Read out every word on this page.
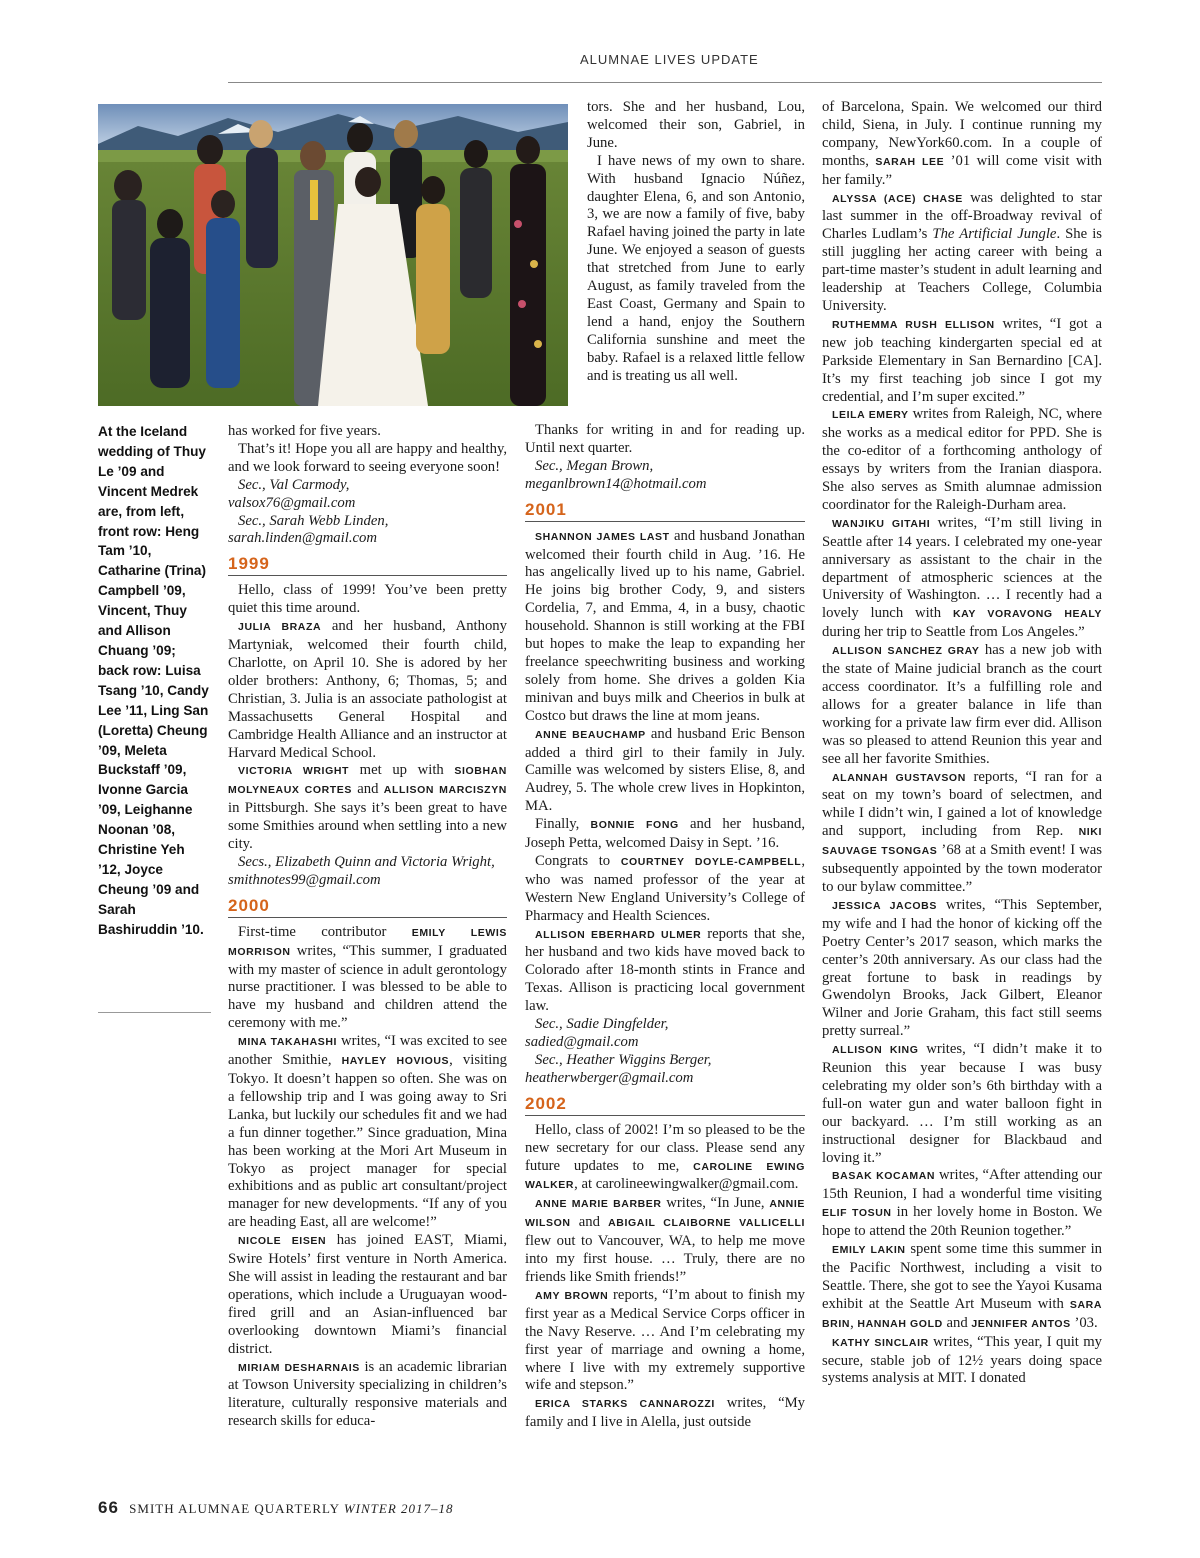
ALUMNAE LIVES UPDATE
At the Iceland wedding of Thuy Le ’09 and Vincent Medrek are, from left, front row: Heng Tam ’10, Catharine (Trina) Campbell ’09, Vincent, Thuy and Allison Chuang ’09; back row: Luisa Tsang ’10, Candy Lee ’11, Ling San (Loretta) Cheung ’09, Meleta Buckstaff ’09, Ivonne Garcia ’09, Leighanne Noonan ’08, Christine Yeh ’12, Joyce Cheung ’09 and Sarah Bashiruddin ’10.

has worked for five years.

That’s it! Hope you all are happy and healthy, and we look forward to seeing everyone soon!

Sec., Val Carmody,

valsox76@gmail.com

Sec., Sarah Webb Linden,

sarah.linden@gmail.com

1999

Hello, class of 1999! You’ve been pretty quiet this time around.

JULIA BRAZA and her husband, Anthony Martyniak, welcomed their fourth child, Charlotte, on April 10. She is adored by her older brothers: Anthony, 6; Thomas, 5; and Christian, 3. Julia is an associate pathologist at Massachusetts General Hospital and Cambridge Health Alliance and an instructor at Harvard Medical School.

VICTORIA WRIGHT met up with SIOBHAN MOLYNEAUX CORTES and ALLISON MARCISZYN in Pittsburgh. She says it’s been great to have some Smithies around when settling into a new city.

Secs., Elizabeth Quinn and Victoria Wright, smithnotes99@gmail.com

2000

First-time contributor EMILY LEWIS MORRISON writes, “This summer, I graduated with my master of science in adult gerontology nurse practitioner. I was blessed to be able to have my husband and children attend the ceremony with me.”

MINA TAKAHASHI writes, “I was excited to see another Smithie, HAYLEY HOVIOUS, visiting Tokyo. It doesn’t happen so often. She was on a fellowship trip and I was going away to Sri Lanka, but luckily our schedules fit and we had a fun dinner together.” Since graduation, Mina has been working at the Mori Art Museum in Tokyo as project manager for special exhibitions and as public art consultant/project manager for new developments. “If any of you are heading East, all are welcome!”

NICOLE EISEN has joined EAST, Miami, Swire Hotels’ first venture in North America. She will assist in leading the restaurant and bar operations, which include a Uruguayan wood-fired grill and an Asian-influenced bar overlooking downtown Miami’s financial district.

MIRIAM DESHARNAIS is an academic librarian at Towson University specializing in children’s literature, culturally responsive materials and research skills for educa-

tors. She and her husband, Lou, welcomed their son, Gabriel, in June.

I have news of my own to share. With husband Ignacio Núñez, daughter Elena, 6, and son Antonio, 3, we are now a family of five, baby Rafael having joined the party in late June. We enjoyed a season of guests that stretched from June to early August, as family traveled from the East Coast, Germany and Spain to lend a hand, enjoy the Southern California sunshine and meet the baby. Rafael is a relaxed little fellow and is treating us all well.

Thanks for writing in and for reading up. Until next quarter.

Sec., Megan Brown,

meganlbrown14@hotmail.com

2001

SHANNON JAMES LAST and husband Jonathan welcomed their fourth child in Aug. ’16. He has angelically lived up to his name, Gabriel. He joins big brother Cody, 9, and sisters Cordelia, 7, and Emma, 4, in a busy, chaotic household. Shannon is still working at the FBI but hopes to make the leap to expanding her freelance speechwriting business and working solely from home. She drives a golden Kia minivan and buys milk and Cheerios in bulk at Costco but draws the line at mom jeans.

ANNE BEAUCHAMP and husband Eric Benson added a third girl to their family in July. Camille was welcomed by sisters Elise, 8, and Audrey, 5. The whole crew lives in Hopkinton, MA.

Finally, BONNIE FONG and her husband, Joseph Petta, welcomed Daisy in Sept. ’16.

Congrats to COURTNEY DOYLE-CAMPBELL, who was named professor of the year at Western New England University’s College of Pharmacy and Health Sciences.

ALLISON EBERHARD ULMER reports that she, her husband and two kids have moved back to Colorado after 18-month stints in France and Texas. Allison is practicing local government law.

Sec., Sadie Dingfelder,

sadied@gmail.com

Sec., Heather Wiggins Berger,

heatherwberger@gmail.com

2002

Hello, class of 2002! I’m so pleased to be the new secretary for our class. Please send any future updates to me, CAROLINE EWING WALKER, at carolineewingwalker@gmail.com.

ANNE MARIE BARBER writes, “In June, ANNIE WILSON and ABIGAIL CLAIBORNE VALLICELLI flew out to Vancouver, WA, to help me move into my first house. … Truly, there are no friends like Smith friends!”

AMY BROWN reports, “I’m about to finish my first year as a Medical Service Corps officer in the Navy Reserve. … And I’m celebrating my first year of marriage and owning a home, where I live with my extremely supportive wife and stepson.”

ERICA STARKS CANNAROZZI writes, “My family and I live in Alella, just outside

of Barcelona, Spain. We welcomed our third child, Siena, in July. I continue running my company, NewYork60.com. In a couple of months, SARAH LEE ’01 will come visit with her family.”

ALYSSA (ACE) CHASE was delighted to star last summer in the off-Broadway revival of Charles Ludlam’s The Artificial Jungle. She is still juggling her acting career with being a part-time master’s student in adult learning and leadership at Teachers College, Columbia University.

RUTHEMMA RUSH ELLISON writes, “I got a new job teaching kindergarten special ed at Parkside Elementary in San Bernardino [CA]. It’s my first teaching job since I got my credential, and I’m super excited.”

LEILA EMERY writes from Raleigh, NC, where she works as a medical editor for PPD. She is the co-editor of a forthcoming anthology of essays by writers from the Iranian diaspora. She also serves as Smith alumnae admission coordinator for the Raleigh-Durham area.

WANJIKU GITAHI writes, “I’m still living in Seattle after 14 years. I celebrated my one-year anniversary as assistant to the chair in the department of atmospheric sciences at the University of Washington. … I recently had a lovely lunch with KAY VORAVONG HEALY during her trip to Seattle from Los Angeles.”

ALLISON SANCHEZ GRAY has a new job with the state of Maine judicial branch as the court access coordinator. It’s a fulfilling role and allows for a greater balance in life than working for a private law firm ever did. Allison was so pleased to attend Reunion this year and see all her favorite Smithies.

ALANNAH GUSTAVSON reports, “I ran for a seat on my town’s board of selectmen, and while I didn’t win, I gained a lot of knowledge and support, including from Rep. NIKI SAUVAGE TSONGAS ’68 at a Smith event! I was subsequently appointed by the town moderator to our bylaw committee.”

JESSICA JACOBS writes, “This September, my wife and I had the honor of kicking off the Poetry Center’s 2017 season, which marks the center’s 20th anniversary. As our class had the great fortune to bask in readings by Gwendolyn Brooks, Jack Gilbert, Eleanor Wilner and Jorie Graham, this fact still seems pretty surreal.”

ALLISON KING writes, “I didn’t make it to Reunion this year because I was busy celebrating my older son’s 6th birthday with a full-on water gun and water balloon fight in our backyard. … I’m still working as an instructional designer for Blackbaud and loving it.”

BASAK KOCAMAN writes, “After attending our 15th Reunion, I had a wonderful time visiting ELIF TOSUN in her lovely home in Boston. We hope to attend the 20th Reunion together.”

EMILY LAKIN spent some time this summer in the Pacific Northwest, including a visit to Seattle. There, she got to see the Yayoi Kusama exhibit at the Seattle Art Museum with SARA BRIN, HANNAH GOLD and JENNIFER ANTOS ’03.

KATHY SINCLAIR writes, “This year, I quit my secure, stable job of 12½ years doing space systems analysis at MIT. I donated

66 SMITH ALUMNAE QUARTERLY WINTER 2017–18
